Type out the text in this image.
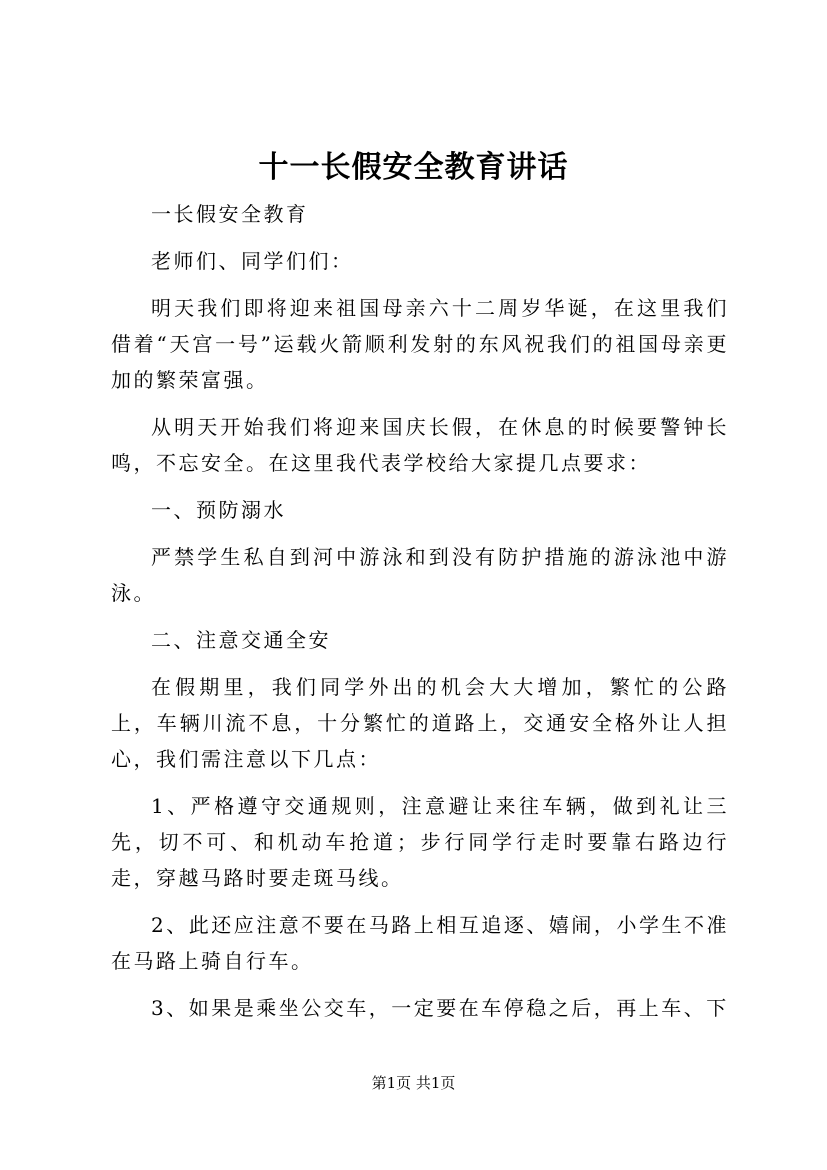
十一长假安全教育讲话

一长假安全教育

老师们、同学们们：

明天我们即将迎来祖国母亲六十二周岁华诞，在这里我们借着“天宫一号”运载火箭顺利发射的东风祝我们的祖国母亲更加的繁荣富强。

从明天开始我们将迎来国庆长假，在休息的时候要警钟长鸣，不忘安全。在这里我代表学校给大家提几点要求：

一、预防溺水

严禁学生私自到河中游泳和到没有防护措施的游泳池中游泳。

二、注意交通全安

在假期里，我们同学外出的机会大大增加，繁忙的公路上，车辆川流不息，十分繁忙的道路上，交通安全格外让人担心，我们需注意以下几点：

1、严格遵守交通规则，注意避让来往车辆，做到礼让三先，切不可、和机动车抢道；步行同学行走时要靠右路边行走，穿越马路时要走斑马线。

2、此还应注意不要在马路上相互追逐、嬉闹，小学生不准在马路上骑自行车。

3、如果是乘坐公交车，一定要在车停稳之后，再上车、下

第1页 共1页
